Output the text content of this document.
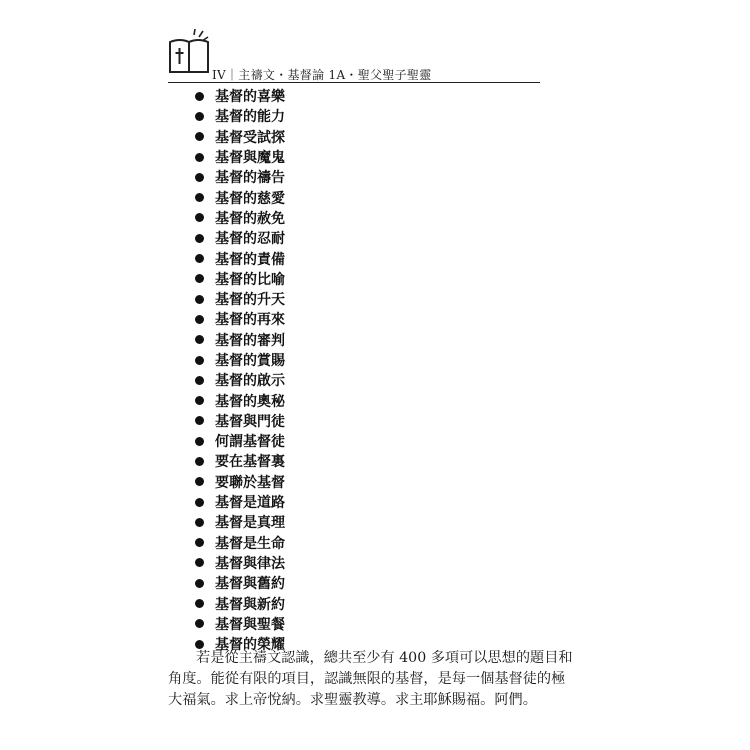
IV｜主禱文・基督論 1A・聖父聖子聖靈
基督的喜樂
基督的能力
基督受試探
基督與魔鬼
基督的禱告
基督的慈愛
基督的赦免
基督的忍耐
基督的責備
基督的比喻
基督的升天
基督的再來
基督的審判
基督的賞賜
基督的啟示
基督的奧秘
基督與門徒
何謂基督徒
要在基督裏
要聯於基督
基督是道路
基督是真理
基督是生命
基督與律法
基督與舊約
基督與新約
基督與聖餐
基督的榮耀

若是從主禱文認識，總共至少有 400 多項可以思想的題目和
角度。能從有限的項目，認識無限的基督，是每一個基督徒的極
大福氣。求上帝悅納。求聖靈教導。求主耶穌賜福。阿們。
